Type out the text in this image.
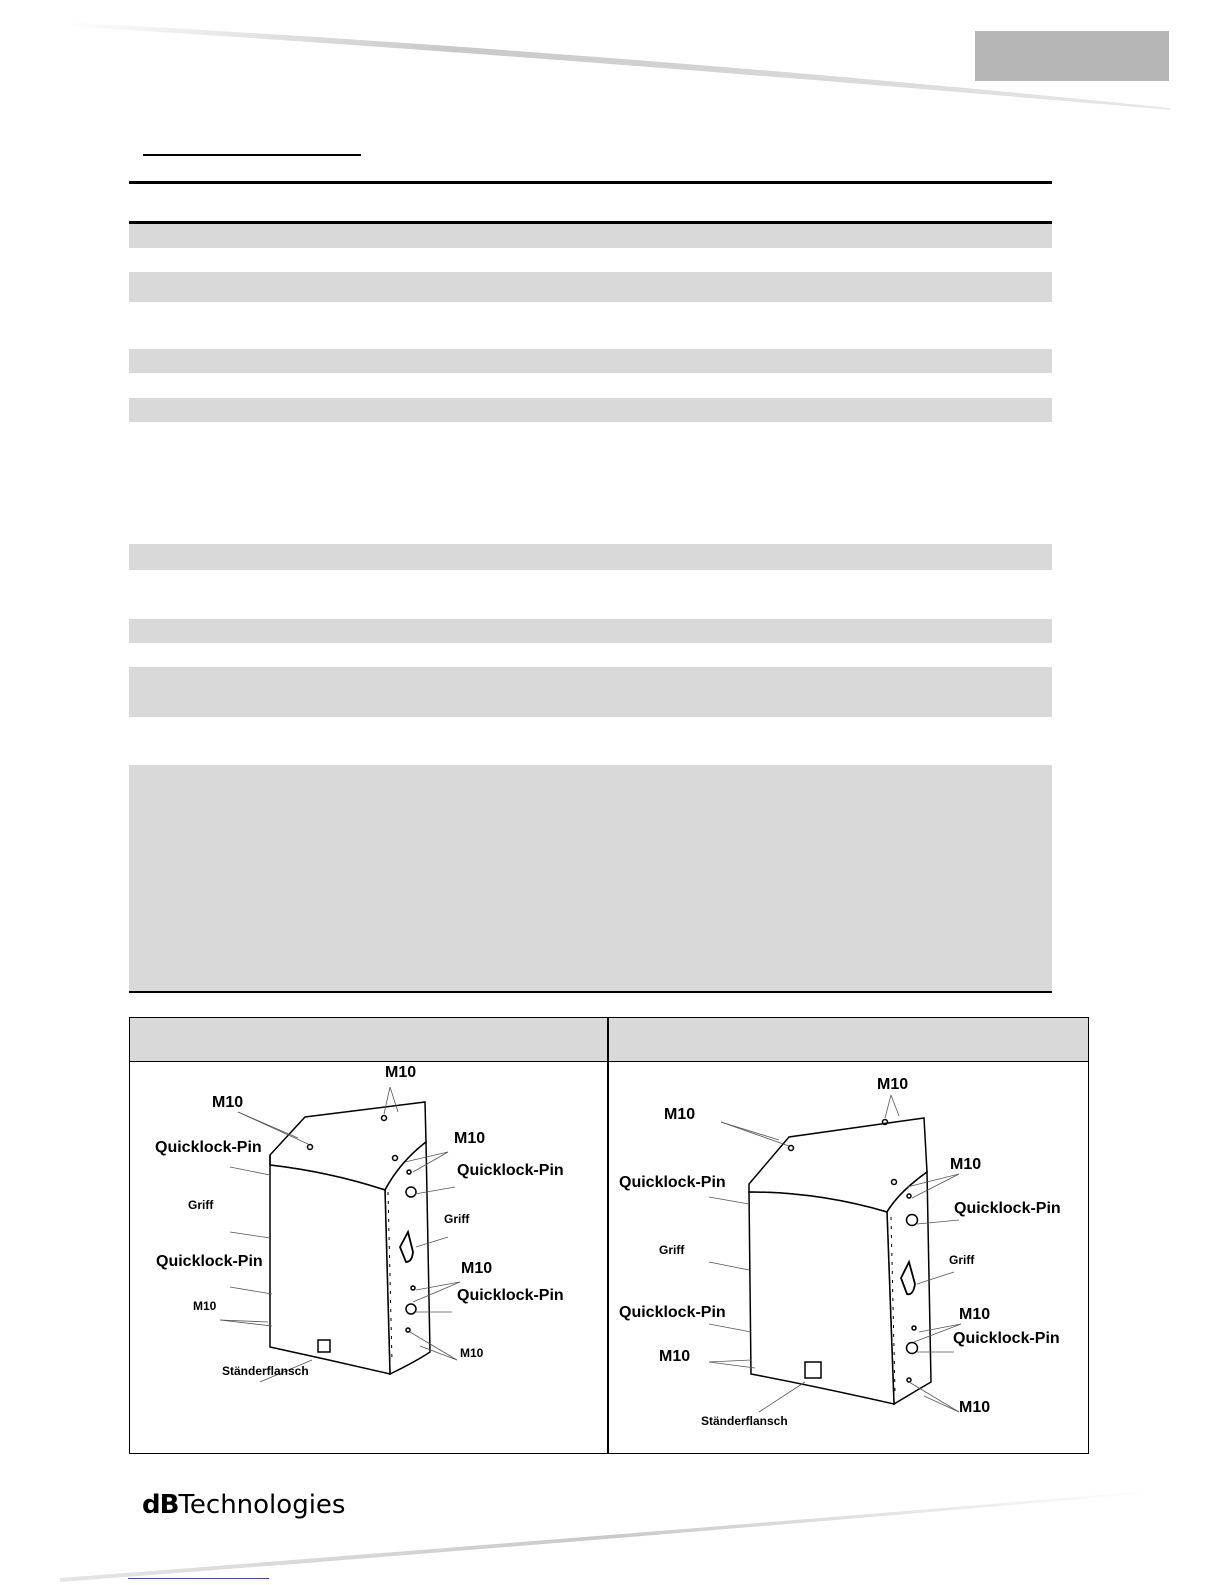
M10
M10
M10
Quicklock-Pin
Quicklock-Pin
Griff
Griff
Quicklock-Pin	M10
Quicklock-Pin
M10
M10
Ständerflansch
M10
M10
M10
Quicklock-Pin
Quicklock-Pin
Griff
Griff
Quicklock-Pin	M10
Quicklock-Pin
M10
M10
Ständerflansch
dBTechnologies
